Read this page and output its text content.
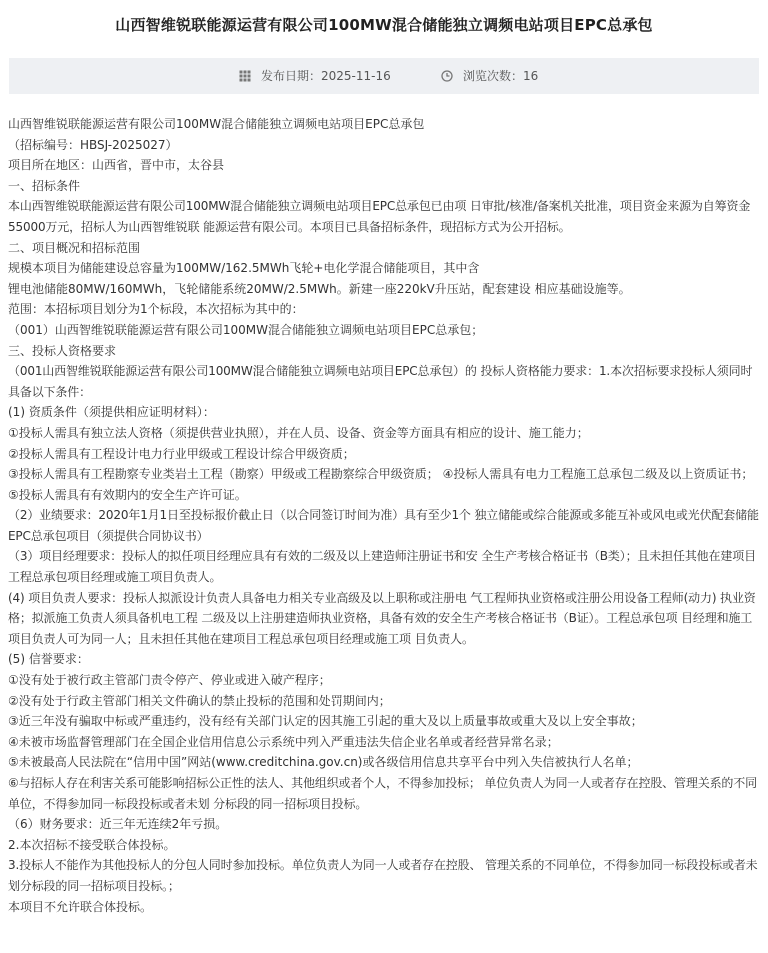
山西智维锐联能源运营有限公司100MW混合储能独立调频电站项目EPC总承包
发布日期：2025-11-16	浏览次数：16
山西智维锐联能源运营有限公司100MW混合储能独立调频电站项目EPC总承包
（招标编号：HBSJ-2025027）
项目所在地区：山西省，晋中市，太谷县
一、招标条件
本山西智维锐联能源运营有限公司100MW混合储能独立调频电站项目EPC总承包已由项 日审批/核准/备案机关批准，项目资金来源为自筹资金55000万元，招标人为山西智维锐联 能源运营有限公司。本项目已具备招标条件，现招标方式为公开招标。
二、项目概况和招标范围
规模本项目为储能建设总容量为100MW/162.5MWh飞轮+电化学混合储能项目，其中含
锂电池储能80MW/160MWh，飞轮储能系统20MW/2.5MWh。新建一座220kV升压站，配套建设 相应基础设施等。
范围：本招标项目划分为1个标段，本次招标为其中的：
（001）山西智维锐联能源运营有限公司100MW混合储能独立调频电站项目EPC总承包；
三、投标人资格要求
（001山西智维锐联能源运营有限公司100MW混合储能独立调频电站项目EPC总承包）的 投标人资格能力要求：1.本次招标要求投标人须同时具备以下条件：
(1) 资质条件（须提供相应证明材料）：
①投标人需具有独立法人资格（须提供营业执照），并在人员、设备、资金等方面具有相应的设计、施工能力；
②投标人需具有工程设计电力行业甲级或工程设计综合甲级资质；
③投标人需具有工程勘察专业类岩土工程（勘察）甲级或工程勘察综合甲级资质； ④投标人需具有电力工程施工总承包二级及以上资质证书；
⑤投标人需具有有效期内的安全生产许可证。
（2）业绩要求：2020年1月1日至投标报价截止日（以合同签订时间为准）具有至少1个 独立储能或综合能源或多能互补或风电或光伏配套储能EPC总承包项目（须提供合同协议书）
（3）项目经理要求：投标人的拟任项目经理应具有有效的二级及以上建造师注册证书和安 全生产考核合格证书（B类）；且未担任其他在建项目工程总承包项目经理或施工项目负责人。
(4) 项目负责人要求：投标人拟派设计负责人具备电力相关专业高级及以上职称或注册电 气工程师执业资格或注册公用设备工程师(动力) 执业资格；拟派施工负责人须具备机电工程 二级及以上注册建造师执业资格，具备有效的安全生产考核合格证书（B证）。工程总承包项 目经理和施工项目负责人可为同一人；且未担任其他在建项目工程总承包项目经理或施工项 目负责人。
(5) 信誉要求：
①没有处于被行政主管部门责令停产、停业或进入破产程序；
②没有处于行政主管部门相关文件确认的禁止投标的范围和处罚期间内；
③近三年没有骗取中标或严重违约，没有经有关部门认定的因其施工引起的重大及以上质量事故或重大及以上安全事故；
④未被市场监督管理部门在全国企业信用信息公示系统中列入严重违法失信企业名单或者经营异常名录；
⑤未被最高人民法院在“信用中国”网站(www.creditchina.gov.cn)或各级信用信息共享平台中列入失信被执行人名单；
⑥与招标人存在利害关系可能影响招标公正性的法人、其他组织或者个人，不得参加投标； 单位负责人为同一人或者存在控股、管理关系的不同单位，不得参加同一标段投标或者未划 分标段的同一招标项目投标。
（6）财务要求：近三年无连续2年亏损。
2.本次招标不接受联合体投标。
3.投标人不能作为其他投标人的分包人同时参加投标。单位负责人为同一人或者存在控股、 管理关系的不同单位，不得参加同一标段投标或者未划分标段的同一招标项目投标。；
本项目不允许联合体投标。
